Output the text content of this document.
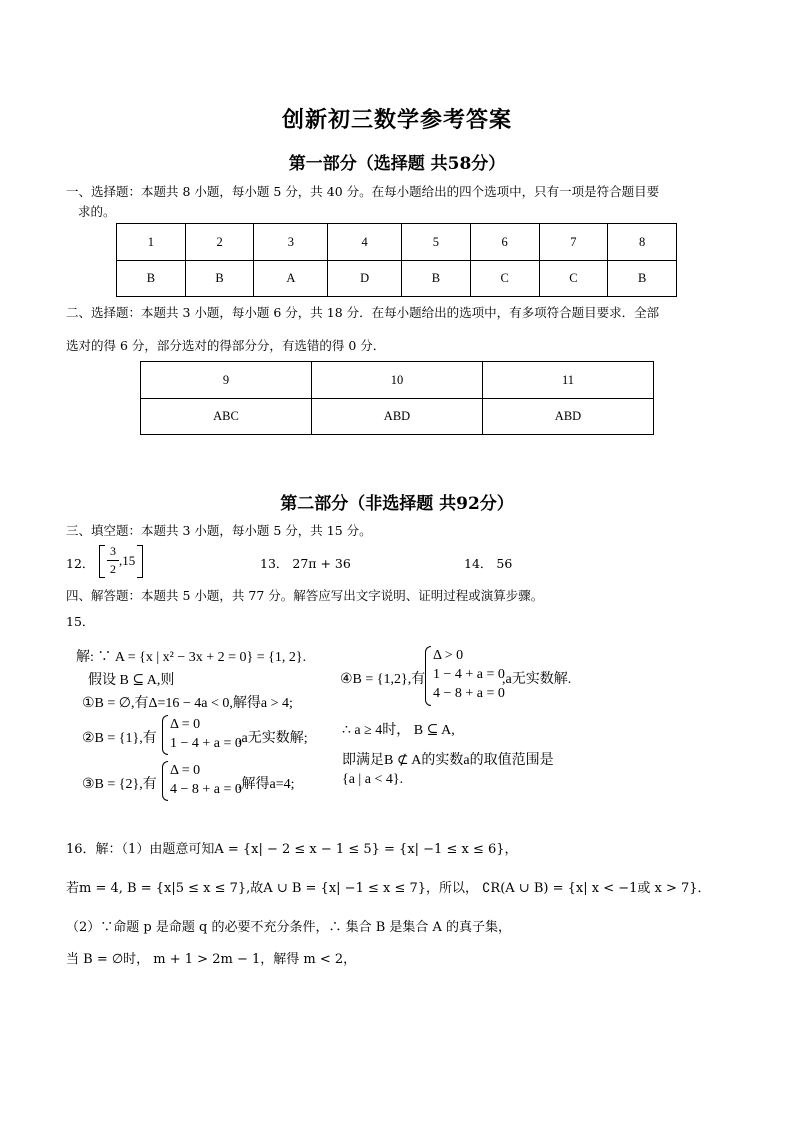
创新初三数学参考答案
第一部分（选择题 共58分）
一、选择题：本题共 8 小题，每小题 5 分，共 40 分。在每小题给出的四个选项中，只有一项是符合题目要
求的。
1	2	3	4	5	6	7	8
B	B	A	D	B	C	C	B
二、选择题：本题共 3 小题，每小题 6 分，共 18 分．在每小题给出的选项中，有多项符合题目要求．全部
选对的得 6 分，部分选对的得部分分，有选错的得 0 分．
9	10	11
ABC	ABD	ABD
第二部分（非选择题 共92分）
三、填空题：本题共 3 小题，每小题 5 分，共 15 分。
12．
3
2
,15	13． 27π + 36	14． 56
四、解答题：本题共 5 小题，共 77 分。解答应写出文字说明、证明过程或演算步骤。
15．
解: ∵ A = {x | x² − 3x + 2 = 0} = {1, 2}.
假设 B ⊆ A,则
①B = ∅,有Δ=16 − 4a < 0,解得a > 4;
②B = {1},有
Δ = 0
1 − 4 + a = 0
,a无实数解;
③B = {2},有
Δ = 0
4 − 8 + a = 0
,解得a=4;
④B = {1,2},有
Δ > 0
1 − 4 + a = 0
4 − 8 + a = 0
,a无实数解.
∴ a ≥ 4时， B ⊆ A,
即满足B ⊄ A的实数a的取值范围是
{a | a < 4}.
16．解：（1）由题意可知A = {x| − 2 ≤ x − 1 ≤ 5} = {x| −1 ≤ x ≤ 6}，
若m = 4, B = {x|5 ≤ x ≤ 7},故A ∪ B = {x| −1 ≤ x ≤ 7}，所以， ∁R(A ∪ B) = {x| x < −1或 x > 7}．
（2）∵命题 p 是命题 q 的必要不充分条件，∴ 集合 B 是集合 A 的真子集，
当 B = ∅时， m + 1 > 2m − 1，解得 m < 2，
